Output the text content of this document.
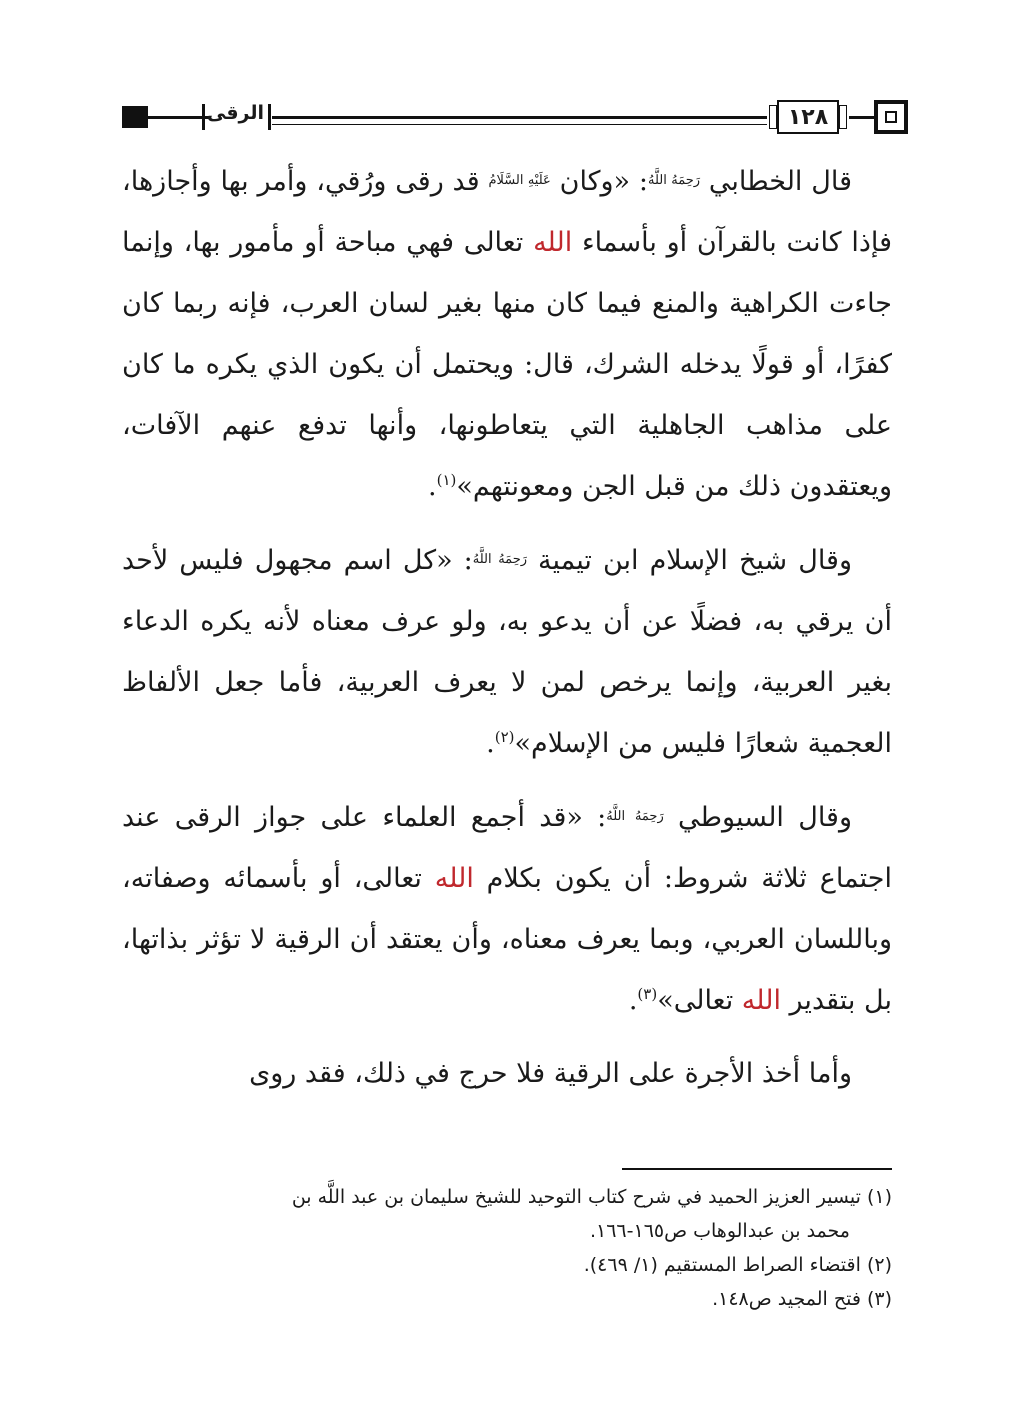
الرقى	١٢٨

قال الخطابي $^{رَحِمَهُ اللَّهُ}$: «وكان $^{عَلَيْهِ السَّلَامُ}$ قد رقى ورُقي، وأمر بها وأجازها، فإذا كانت بالقرآن أو بأسماء الله تعالى فهي مباحة أو مأمور بها، وإنما جاءت الكراهية والمنع فيما كان منها بغير لسان العرب، فإنه ربما كان كفرًا، أو قولًا يدخله الشرك، قال: ويحتمل أن يكون الذي يكره ما كان على مذاهب الجاهلية التي يتعاطونها، وأنها تدفع عنهم الآفات، ويعتقدون ذلك من قبل الجن ومعونتهم»$^{(١)}$.

وقال شيخ الإسلام ابن تيمية $^{رَحِمَهُ اللَّهُ}$: «كل اسم مجهول فليس لأحد أن يرقي به، فضلًا عن أن يدعو به، ولو عرف معناه لأنه يكره الدعاء بغير العربية، وإنما يرخص لمن لا يعرف العربية، فأما جعل الألفاظ العجمية شعارًا فليس من الإسلام»$^{(٢)}$.

وقال السيوطي $^{رَحِمَهُ اللَّهُ}$: «قد أجمع العلماء على جواز الرقى عند اجتماع ثلاثة شروط: أن يكون بكلام الله تعالى، أو بأسمائه وصفاته، وباللسان العربي، وبما يعرف معناه، وأن يعتقد أن الرقية لا تؤثر بذاتها، بل بتقدير الله تعالى»$^{(٣)}$.

وأما أخذ الأجرة على الرقية فلا حرج في ذلك، فقد روى

(١) تيسير العزيز الحميد في شرح كتاب التوحيد للشيخ سليمان بن عبد اللَّه بن
محمد بن عبدالوهاب ص١٦٥-١٦٦.

(٢) اقتضاء الصراط المستقيم (١/ ٤٦٩).

(٣) فتح المجيد ص١٤٨.
